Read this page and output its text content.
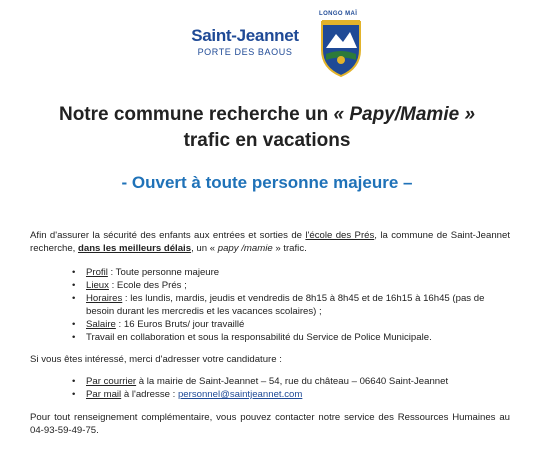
Saint-Jeannet
PORTE DES BAOUS
LONGO MAÏ
Notre commune recherche un « Papy/Mamie »
trafic en vacations
- Ouvert à toute personne majeure –

Afin d'assurer la sécurité des enfants aux entrées et sorties de l'école des Prés, la commune de Saint-Jeannet recherche, dans les meilleurs délais, un « papy /mamie » trafic.

• Profil : Toute personne majeure
• Lieux : Ecole des Prés ;
• Horaires : les lundis, mardis, jeudis et vendredis de 8h15 à 8h45 et de 16h15 à 16h45 (pas de besoin durant les mercredis et les vacances scolaires) ;
• Salaire : 16 Euros Bruts/ jour travaillé
• Travail en collaboration et sous la responsabilité du Service de Police Municipale.

Si vous êtes intéressé, merci d'adresser votre candidature :

• Par courrier à la mairie de Saint-Jeannet – 54, rue du château – 06640 Saint-Jeannet
• Par mail à l'adresse : personnel@saintjeannet.com

Pour tout renseignement complémentaire, vous pouvez contacter notre service des Ressources Humaines au 04-93-59-49-75.
